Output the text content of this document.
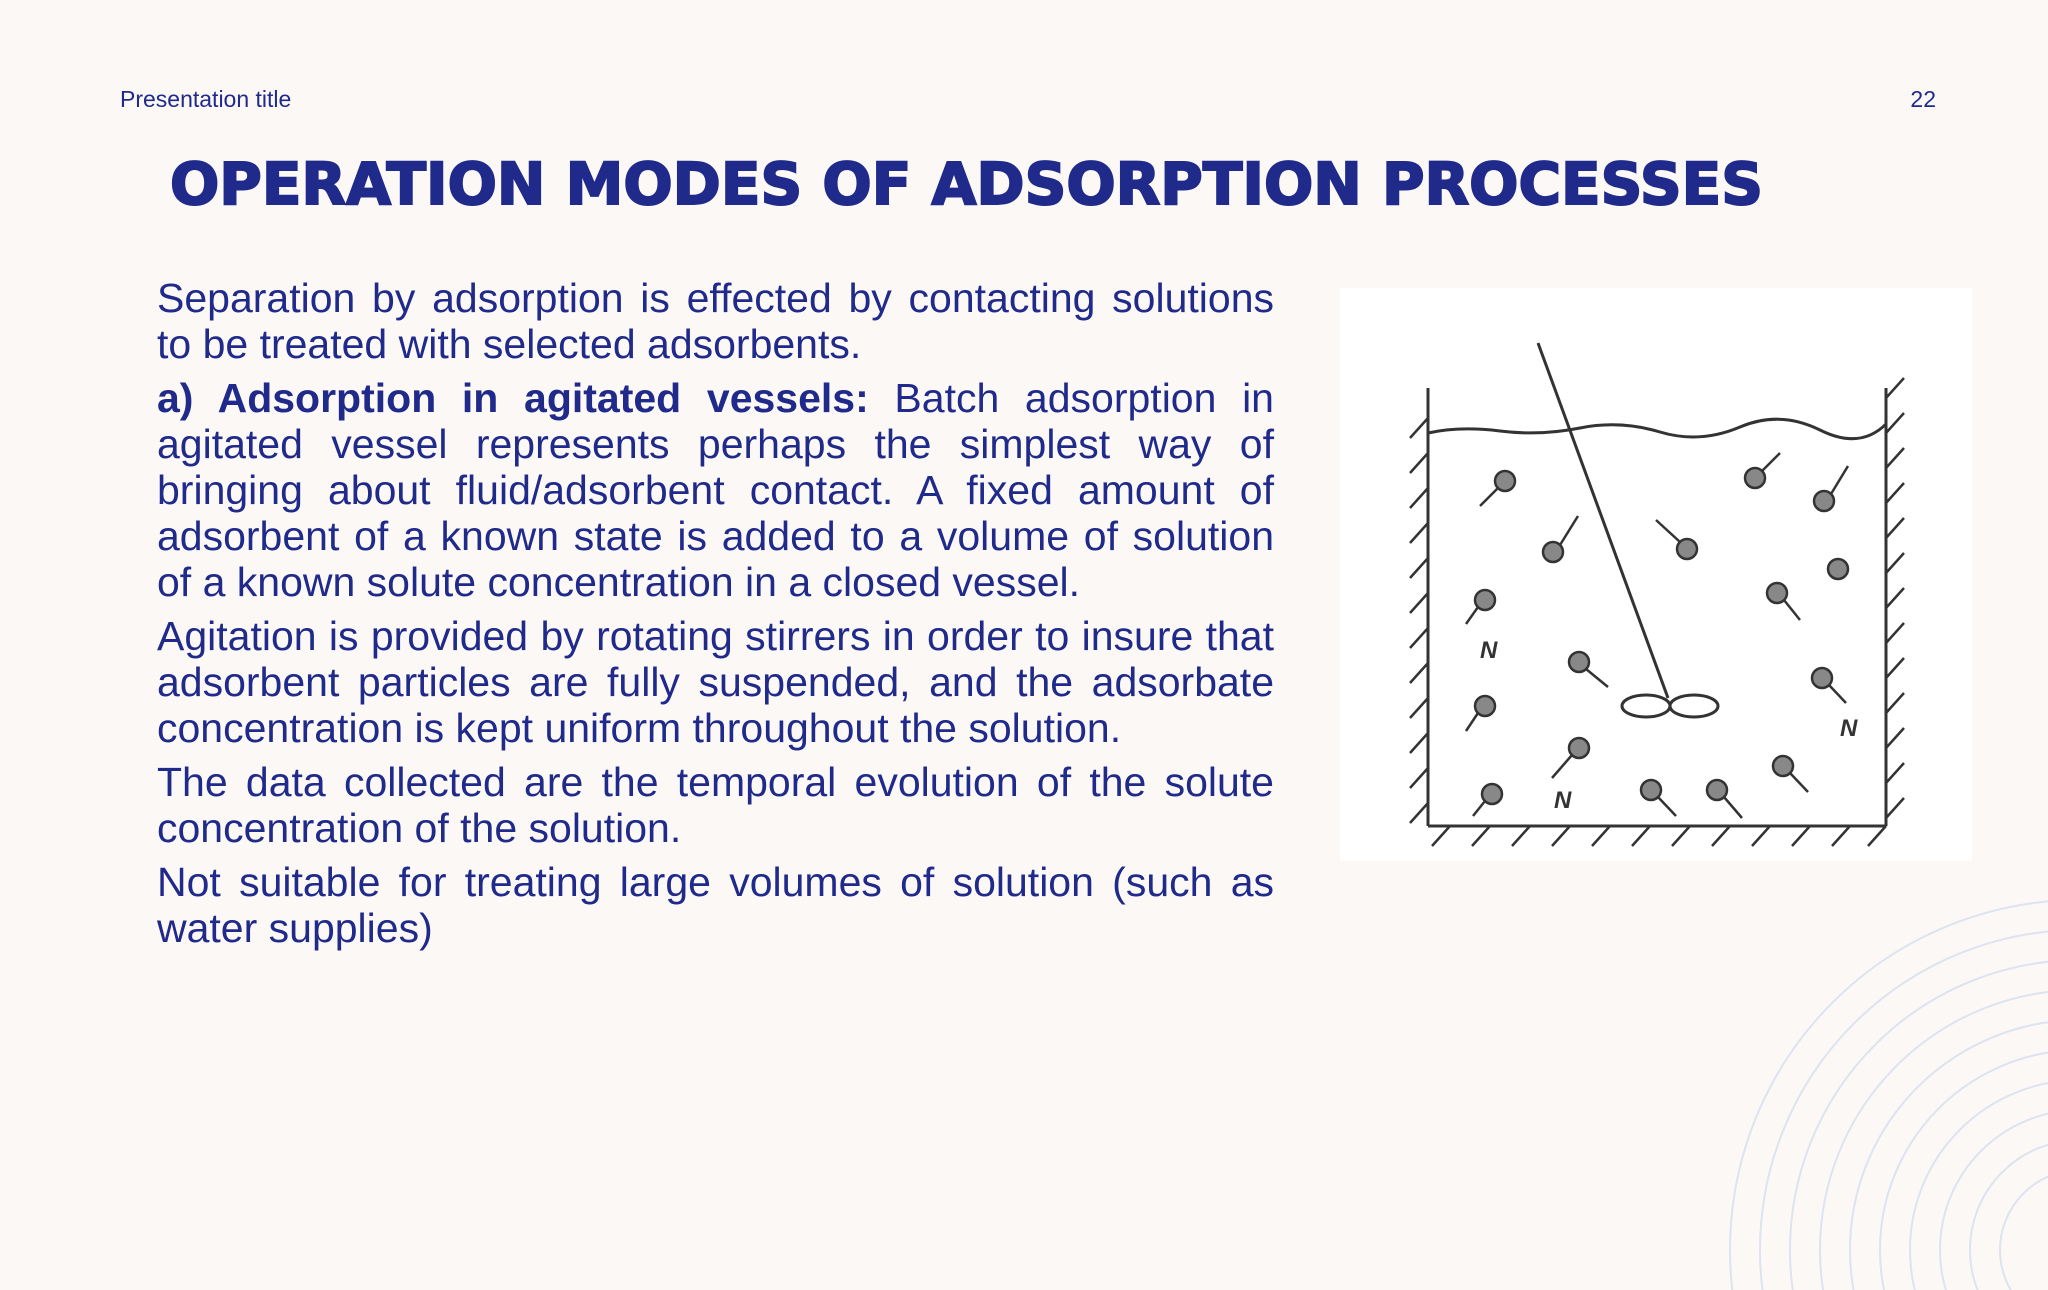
Presentation title	22
OPERATION MODES OF ADSORPTION PROCESSES

Separation by adsorption is effected by contacting solutions to be treated with selected adsorbents.

a) Adsorption in agitated vessels: Batch adsorption in agitated vessel represents perhaps the simplest way of bringing about fluid/adsorbent contact. A fixed amount of adsorbent of a known state is added to a volume of solution of a known solute concentration in a closed vessel.

Agitation is provided by rotating stirrers in order to insure that adsorbent particles are fully suspended, and the adsorbate concentration is kept uniform throughout the solution.

The data collected are the temporal evolution of the solute concentration of the solution.

Not suitable for treating large volumes of solution (such as water supplies)

N
N
N
